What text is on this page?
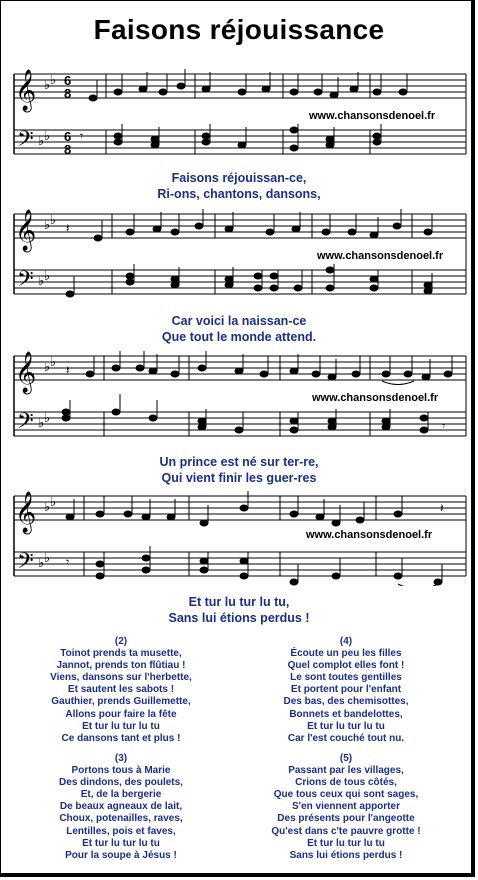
Faisons réjouissance
𝄞
𝄢
♭ ♭
♭ ♭
6
8
6
8
𝄾
www.chansonsdenoel.fr
Faisons réjouissan-ce,
Ri-ons, chantons, dansons,
𝄞
𝄢
♭ ♭
♭ ♭
𝄽
www.chansonsdenoel.fr
Car voici la naissan-ce
Que tout le monde attend.
𝄞
𝄢
♭ ♭
♭ ♭
𝄽
𝄾
www.chansonsdenoel.fr
Un prince est né sur ter-re,
Qui vient finir les guer-res
𝄞
𝄢
♭ ♭
♭ ♭
𝄽
𝄾
www.chansonsdenoel.fr
Et tur lu tur lu tu,
Sans lui étions perdus !
(2)
Toinot prends ta musette,
Jannot, prends ton flûtiau !
Viens, dansons sur l'herbette,
Et sautent les sabots !
Gauthier, prends Guillemette,
Allons pour faire la fête
Et tur lu tur lu tu
Ce dansons tant et plus !
(4)
Écoute un peu les filles
Quel complot elles font !
Le sont toutes gentilles
Et portent pour l'enfant
Des bas, des chemisottes,
Bonnets et bandelottes,
Et tur lu tur lu tu
Car l'est couché tout nu.
(3)
Portons tous à Marie
Des dindons, des poulets,
Et, de la bergerie
De beaux agneaux de lait,
Choux, potenailles, raves,
Lentilles, pois et faves,
Et tur lu tur lu tu
Pour la soupe à Jésus !
(5)
Passant par les villages,
Crions de tous côtés,
Que tous ceux qui sont sages,
S'en viennent apporter
Des présents pour l'angeotte
Qu'est dans c'te pauvre grotte !
Et tur lu tur lu tu
Sans lui étions perdus !
